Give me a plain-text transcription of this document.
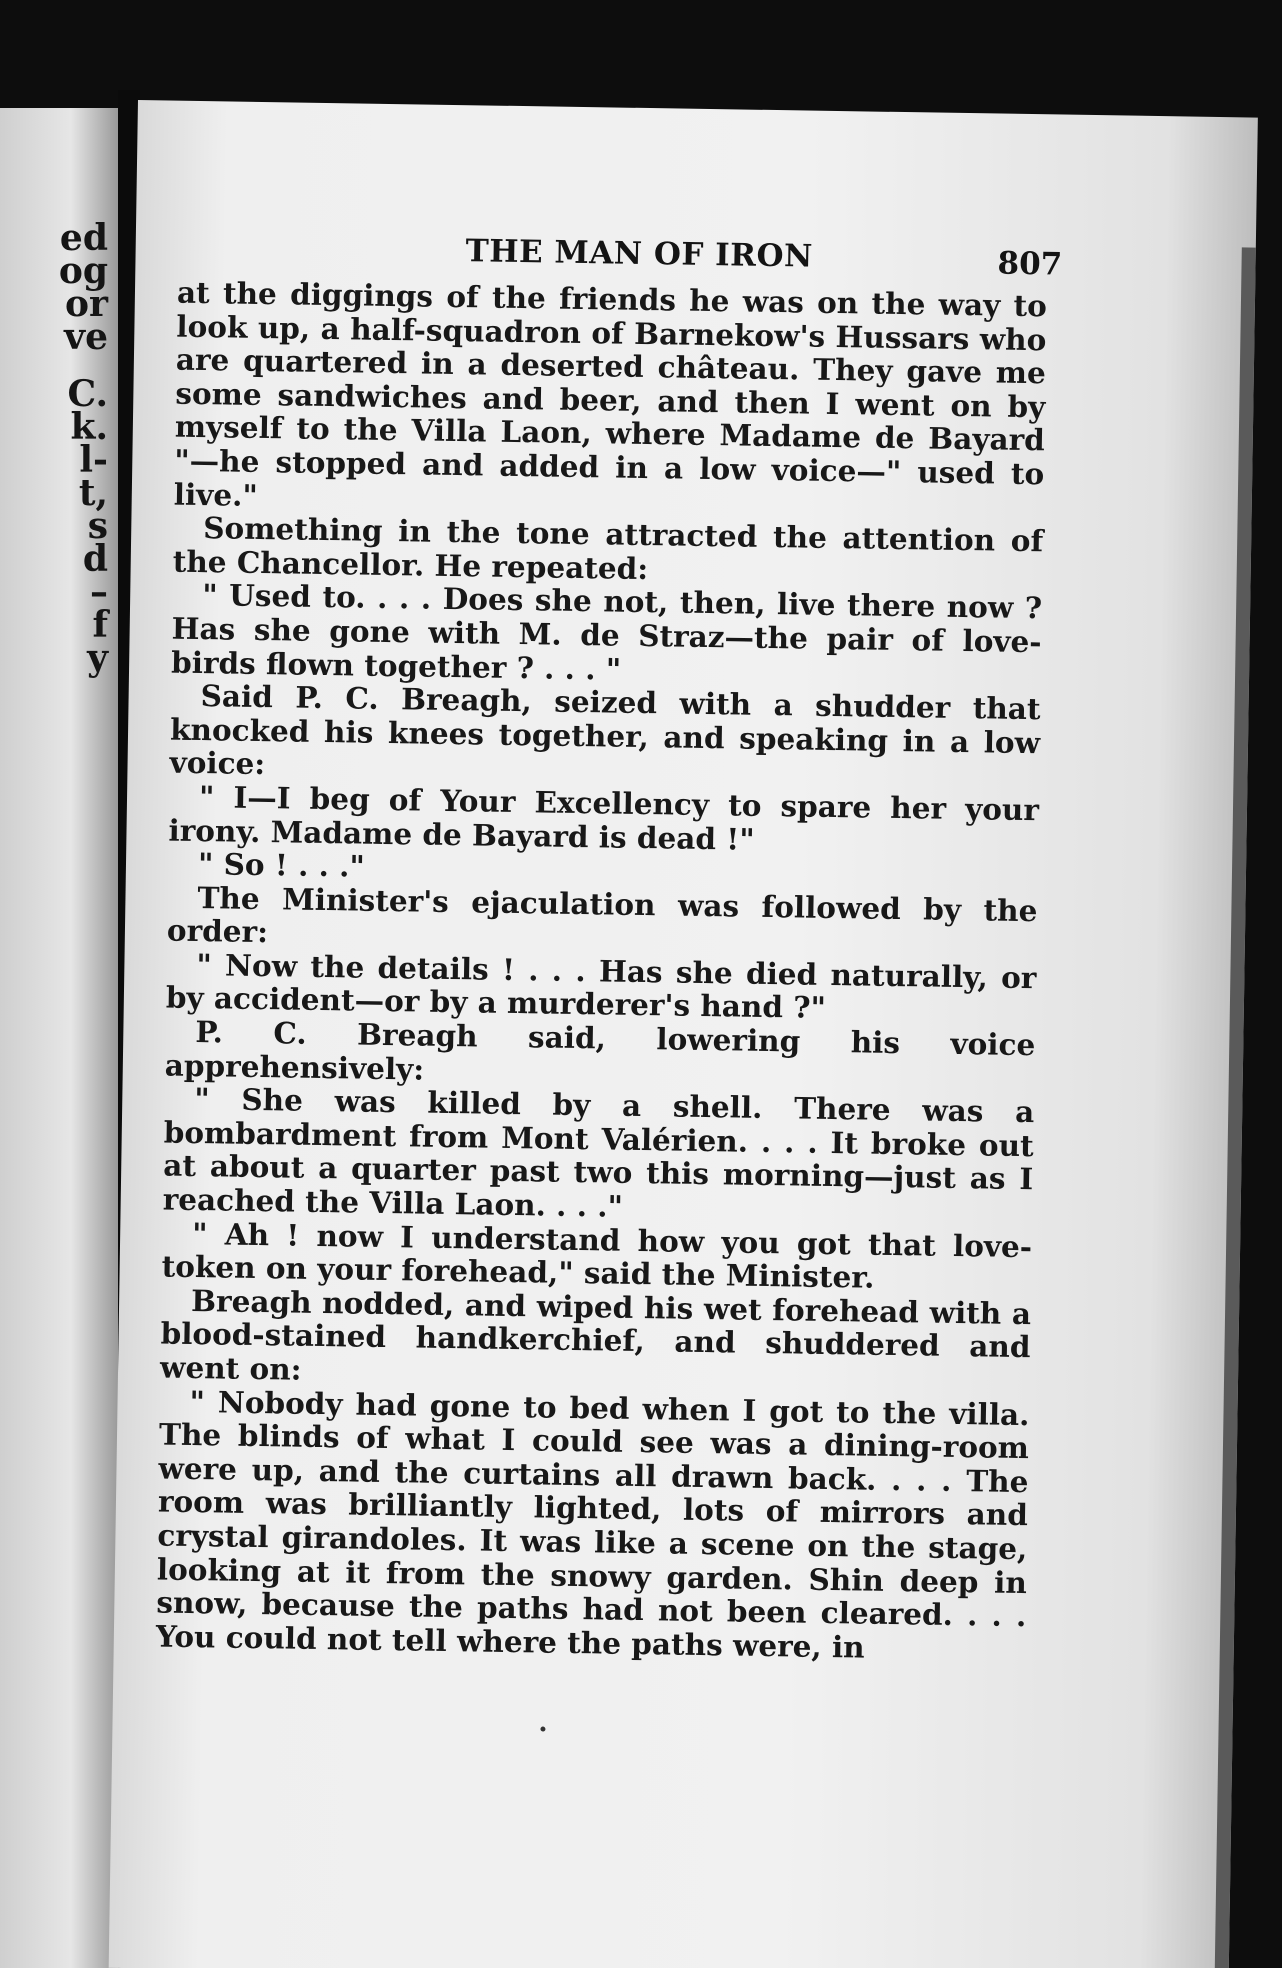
ed
og
or
ve
C.
k.
l-
t,
s
d
–
f
y
THE MAN OF IRON	807

at the diggings of the friends he was on the way to look up, a half-squadron of Barnekow's Hussars who are quartered in a deserted château. They gave me some sandwiches and beer, and then I went on by myself to the Villa Laon, where Madame de Bayard "—he stopped and added in a low voice—" used to live."

Something in the tone attracted the attention of the Chancellor. He repeated:

" Used to. . . . Does she not, then, live there now ? Has she gone with M. de Straz—the pair of love-birds flown together ? . . . "

Said P. C. Breagh, seized with a shudder that knocked his knees together, and speaking in a low voice:

" I—I beg of Your Excellency to spare her your irony. Madame de Bayard is dead !"

" So ! . . ."

The Minister's ejaculation was followed by the order:

" Now the details ! . . . Has she died naturally, or by accident—or by a murderer's hand ?"

P. C. Breagh said, lowering his voice apprehensively:

" She was killed by a shell. There was a bombardment from Mont Valérien. . . . It broke out at about a quarter past two this morning—just as I reached the Villa Laon. . . ."

" Ah ! now I understand how you got that love-token on your forehead," said the Minister.

Breagh nodded, and wiped his wet forehead with a blood-stained handkerchief, and shuddered and went on:

" Nobody had gone to bed when I got to the villa. The blinds of what I could see was a dining-room were up, and the curtains all drawn back. . . . The room was brilliantly lighted, lots of mirrors and crystal girandoles. It was like a scene on the stage, looking at it from the snowy garden. Shin deep in snow, because the paths had not been cleared. . . . You could not tell where the paths were, in
